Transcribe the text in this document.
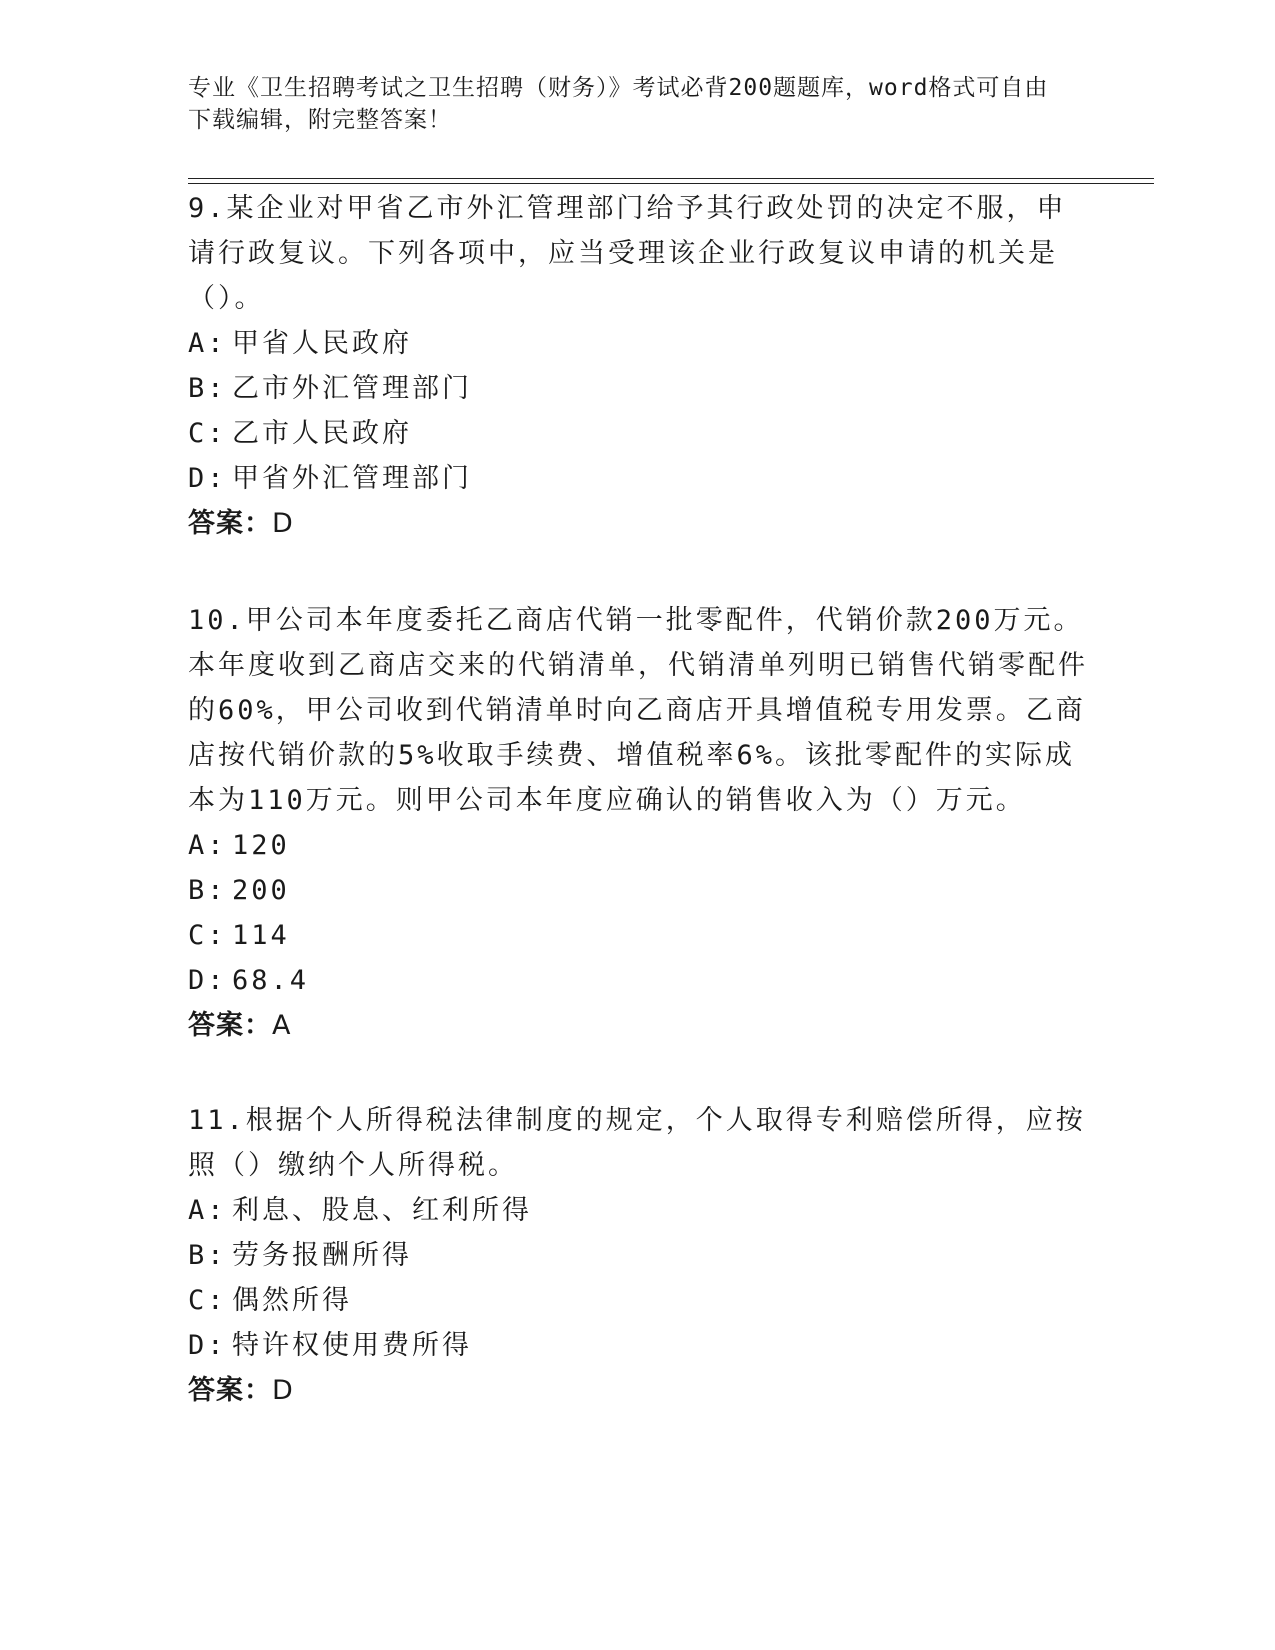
专业《卫生招聘考试之卫生招聘（财务）》考试必背200题题库，word格式可自由下载编辑，附完整答案！

9.某企业对甲省乙市外汇管理部门给予其行政处罚的决定不服，申请行政复议。下列各项中，应当受理该企业行政复议申请的机关是（）。

A: 甲省人民政府

B: 乙市外汇管理部门

C: 乙市人民政府

D: 甲省外汇管理部门

答案：D

10.甲公司本年度委托乙商店代销一批零配件，代销价款200万元。本年度收到乙商店交来的代销清单，代销清单列明已销售代销零配件的60%，甲公司收到代销清单时向乙商店开具增值税专用发票。乙商店按代销价款的5%收取手续费、增值税率6%。该批零配件的实际成本为110万元。则甲公司本年度应确认的销售收入为（）万元。

A: 120

B: 200

C: 114

D: 68.4

答案：A

11.根据个人所得税法律制度的规定，个人取得专利赔偿所得，应按照（）缴纳个人所得税。

A: 利息、股息、红利所得

B: 劳务报酬所得

C: 偶然所得

D: 特许权使用费所得

答案：D
